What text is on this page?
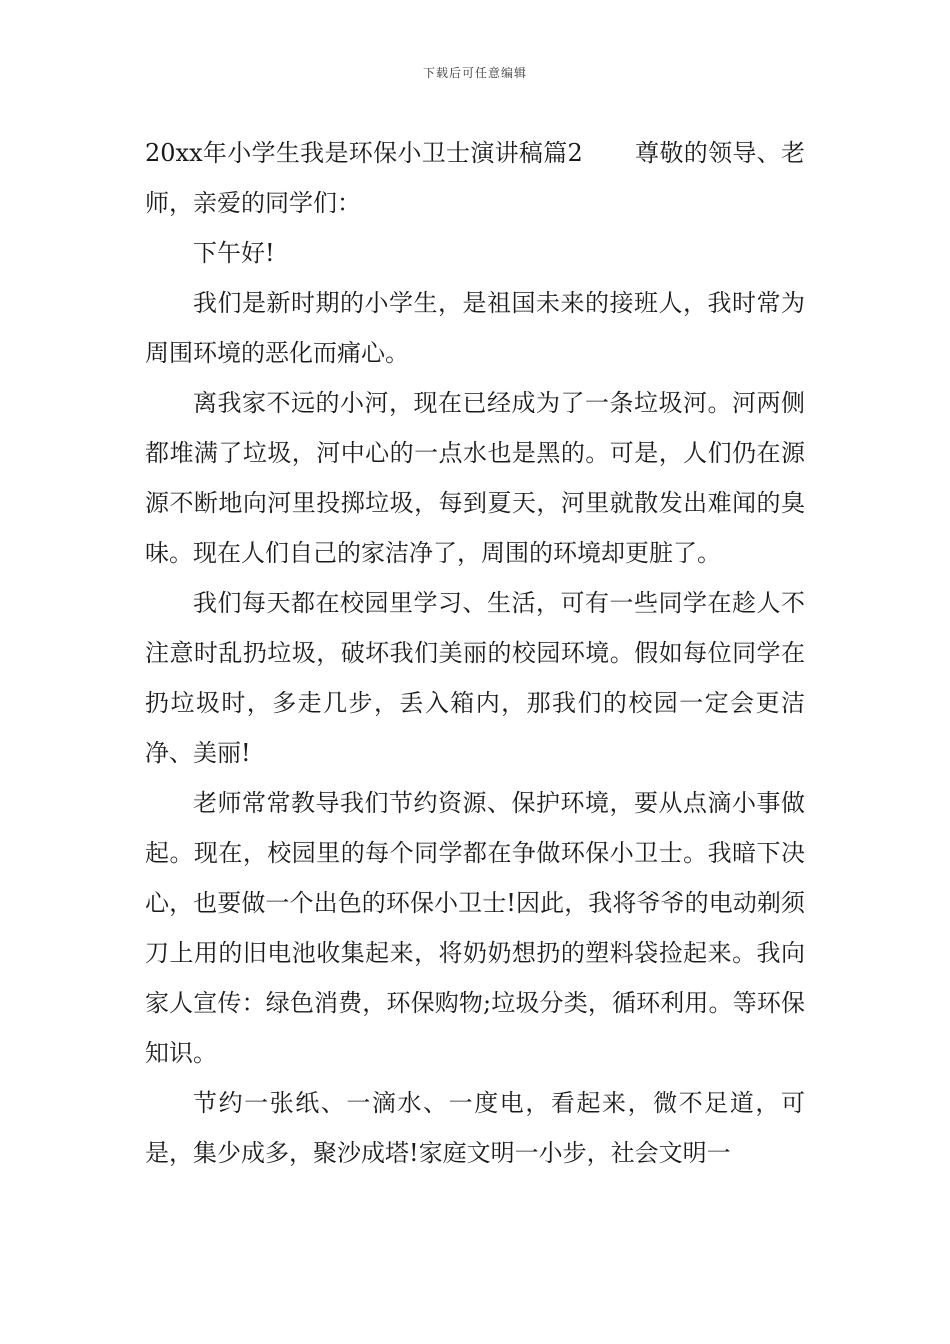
下载后可任意编辑

20xx年小学生我是环保小卫士演讲稿篇2 尊敬的领导、老师，亲爱的同学们：

下午好!

我们是新时期的小学生，是祖国未来的接班人，我时常为周围环境的恶化而痛心。

离我家不远的小河，现在已经成为了一条垃圾河。河两侧都堆满了垃圾，河中心的一点水也是黑的。可是，人们仍在源源不断地向河里投掷垃圾，每到夏天，河里就散发出难闻的臭味。现在人们自己的家洁净了，周围的环境却更脏了。

我们每天都在校园里学习、生活，可有一些同学在趁人不注意时乱扔垃圾，破坏我们美丽的校园环境。假如每位同学在扔垃圾时，多走几步，丢入箱内，那我们的校园一定会更洁净、美丽!

老师常常教导我们节约资源、保护环境，要从点滴小事做起。现在，校园里的每个同学都在争做环保小卫士。我暗下决心，也要做一个出色的环保小卫士!因此，我将爷爷的电动剃须刀上用的旧电池收集起来，将奶奶想扔的塑料袋捡起来。我向家人宣传：绿色消费，环保购物;垃圾分类，循环利用。等环保知识。

节约一张纸、一滴水、一度电，看起来，微不足道，可是，集少成多，聚沙成塔!家庭文明一小步，社会文明一
